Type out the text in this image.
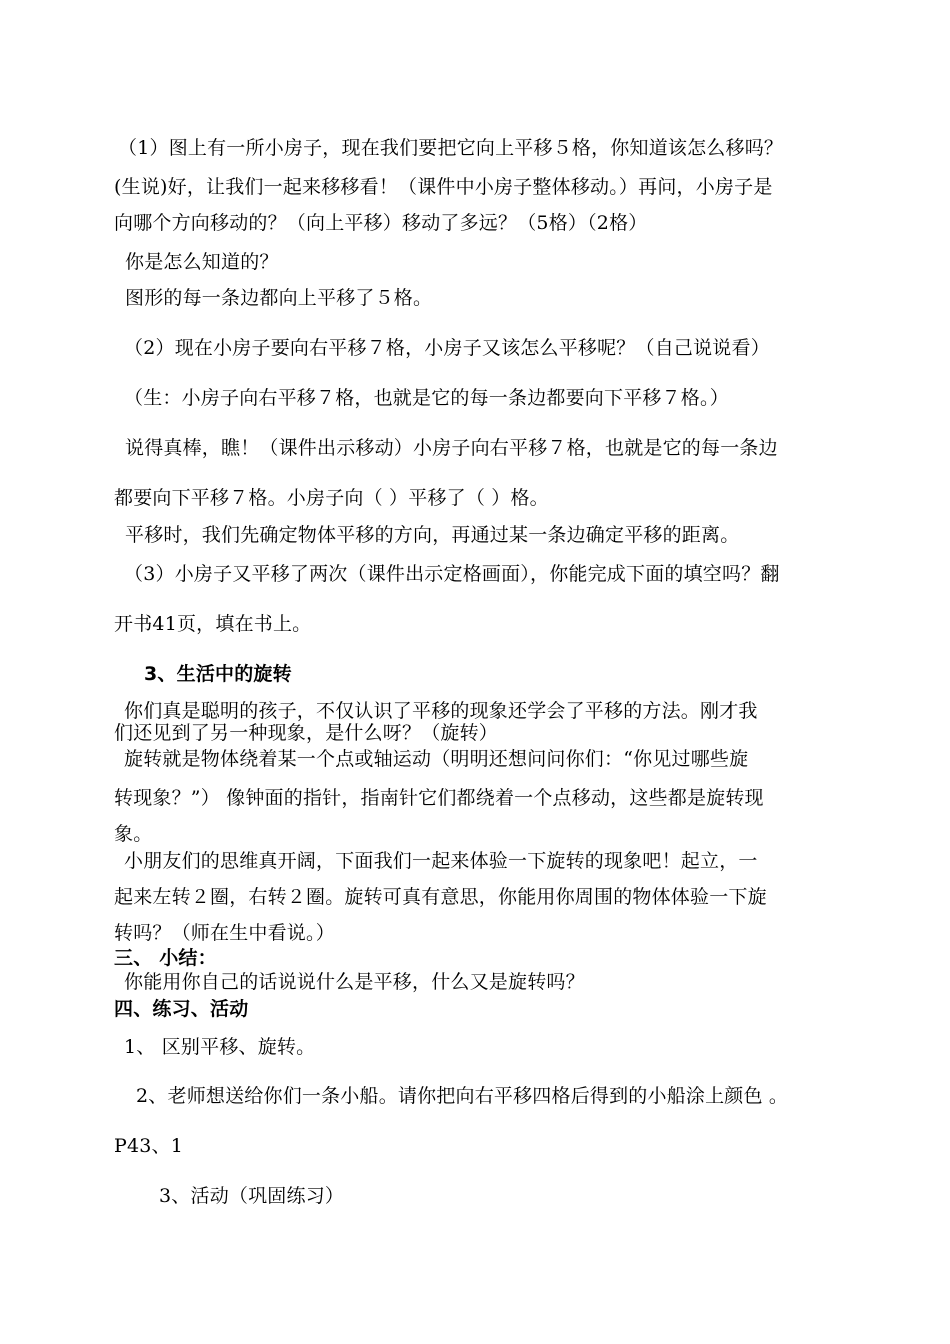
（1）图上有一所小房子，现在我们要把它向上平移５格，你知道该怎么移吗？
(生说)好，让我们一起来移移看！（课件中小房子整体移动。）再问，小房子是
向哪个方向移动的？（向上平移）移动了多远？（5格）（2格）
你是怎么知道的？
图形的每一条边都向上平移了５格。
（2）现在小房子要向右平移７格，小房子又该怎么平移呢？（自己说说看）
（生：小房子向右平移７格，也就是它的每一条边都要向下平移７格。）
说得真棒，瞧！（课件出示移动）小房子向右平移７格，也就是它的每一条边
都要向下平移７格。小房子向（ ）平移了（ ）格。
平移时，我们先确定物体平移的方向，再通过某一条边确定平移的距离。
（3）小房子又平移了两次（课件出示定格画面），你能完成下面的填空吗？翻
开书41页，填在书上。
3、生活中的旋转
你们真是聪明的孩子，不仅认识了平移的现象还学会了平移的方法。刚才我
们还见到了另一种现象，是什么呀？（旋转）
旋转就是物体绕着某一个点或轴运动（明明还想问问你们：“你见过哪些旋
转现象？”） 像钟面的指针，指南针它们都绕着一个点移动，这些都是旋转现
象。
小朋友们的思维真开阔，下面我们一起来体验一下旋转的现象吧！起立，一
起来左转２圈，右转２圈。旋转可真有意思，你能用你周围的物体体验一下旋
转吗？（师在生中看说。）
三、 小结：
你能用你自己的话说说什么是平移，什么又是旋转吗？
四、练习、活动
1、 区别平移、旋转。
2、老师想送给你们一条小船。请你把向右平移四格后得到的小船涂上颜色 。
P43、1
3、活动（巩固练习）
